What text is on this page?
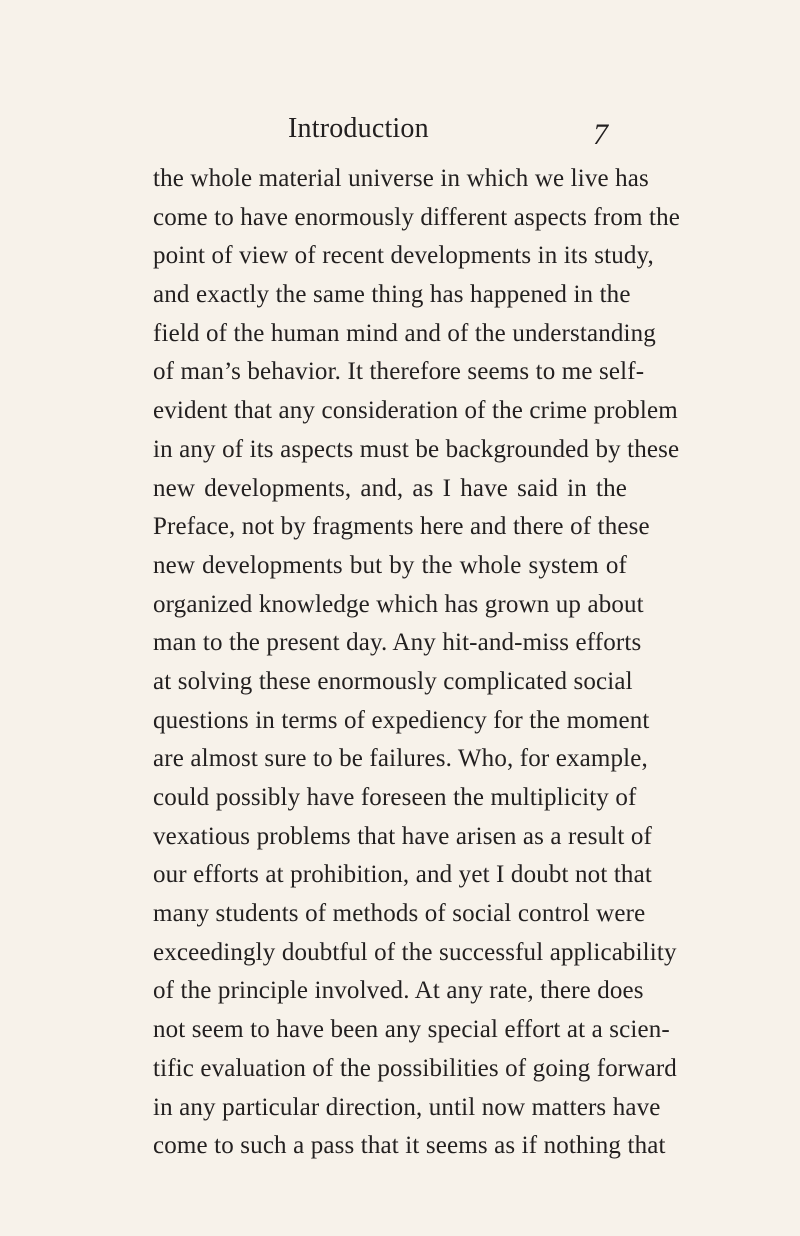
Introduction	7
the whole material universe in which we live has
come to have enormously different aspects from the
point of view of recent developments in its study,
and exactly the same thing has happened in the
field of the human mind and of the understanding
of man’s behavior. It therefore seems to me self-
evident that any consideration of the crime problem
in any of its aspects must be backgrounded by these
new developments, and, as I have said in the
Preface, not by fragments here and there of these
new developments but by the whole system of
organized knowledge which has grown up about
man to the present day. Any hit-and-miss efforts
at solving these enormously complicated social
questions in terms of expediency for the moment
are almost sure to be failures. Who, for example,
could possibly have foreseen the multiplicity of
vexatious problems that have arisen as a result of
our efforts at prohibition, and yet I doubt not that
many students of methods of social control were
exceedingly doubtful of the successful applicability
of the principle involved. At any rate, there does
not seem to have been any special effort at a scien-
tific evaluation of the possibilities of going forward
in any particular direction, until now matters have
come to such a pass that it seems as if nothing that
